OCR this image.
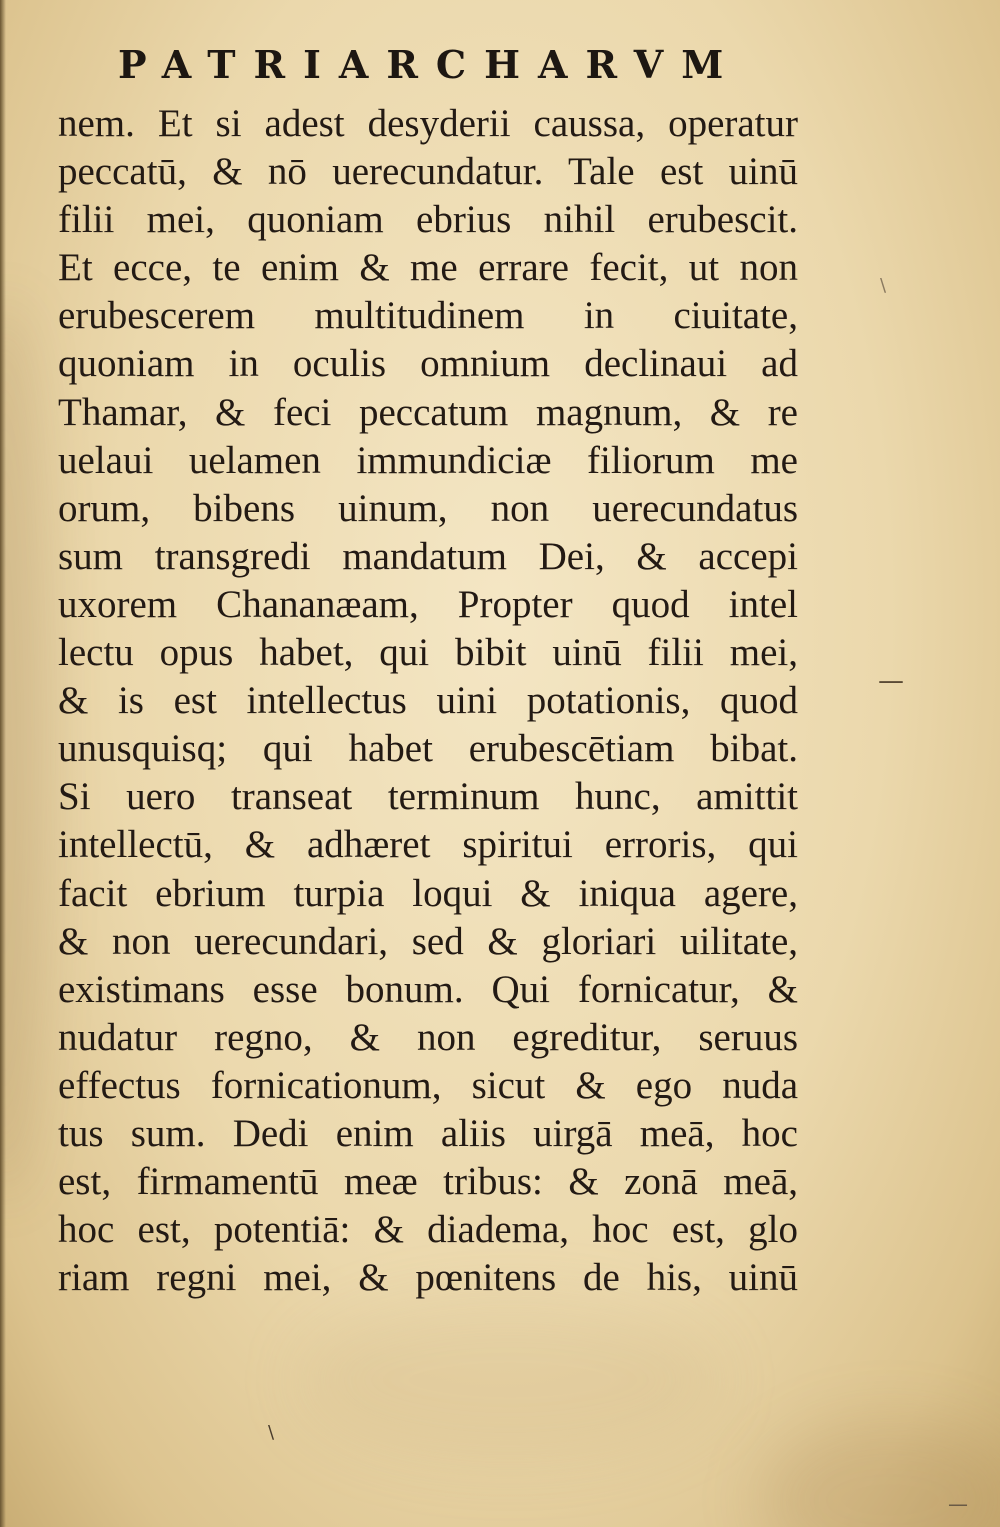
PATRIARCHARVM
nem. Et si adest desyderii caussa, operatur
peccatū, & nō uerecundatur. Tale est uinū
filii mei, quoniam ebrius nihil erubescit.
Et ecce, te enim & me errare fecit, ut non
erubescerem multitudinem in ciuitate,
quoniam in oculis omnium declinaui ad
Thamar, & feci peccatum magnum, & re
uelaui uelamen immundiciæ filiorum me
orum, bibens uinum, non uerecundatus
sum transgredi mandatum Dei, & accepi
uxorem Chananæam, Propter quod intel
lectu opus habet, qui bibit uinū filii mei,
& is est intellectus uini potationis, quod
unusquisq; qui habet erubescētiam bibat.
Si uero transeat terminum hunc, amittit
intellectū, & adhæret spiritui erroris, qui
facit ebrium turpia loqui & iniqua agere,
& non uerecundari, sed & gloriari uilitate,
existimans esse bonum. Qui fornicatur, &
nudatur regno, & non egreditur, seruus
effectus fornicationum, sicut & ego nuda
tus sum. Dedi enim aliis uirgā meā, hoc
est, firmamentū meæ tribus: & zonā meā,
hoc est, potentiā: & diadema, hoc est, glo
riam regni mei, & pœnitens de his, uinū
—
\
\
—
